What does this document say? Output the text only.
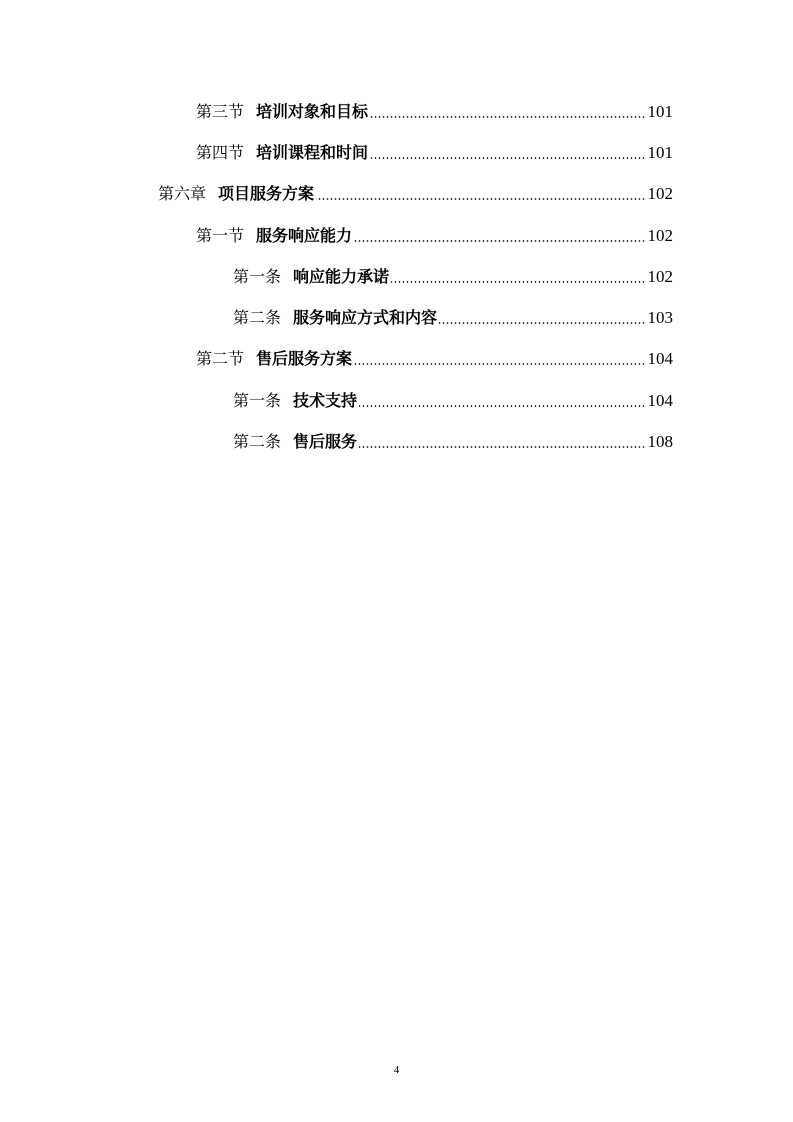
第三节 培训对象和目标	101
第四节 培训课程和时间	101
第六章 项目服务方案	102
第一节 服务响应能力	102
第一条 响应能力承诺	102
第二条 服务响应方式和内容	103
第二节 售后服务方案	104
第一条 技术支持	104
第二条 售后服务	108
4
